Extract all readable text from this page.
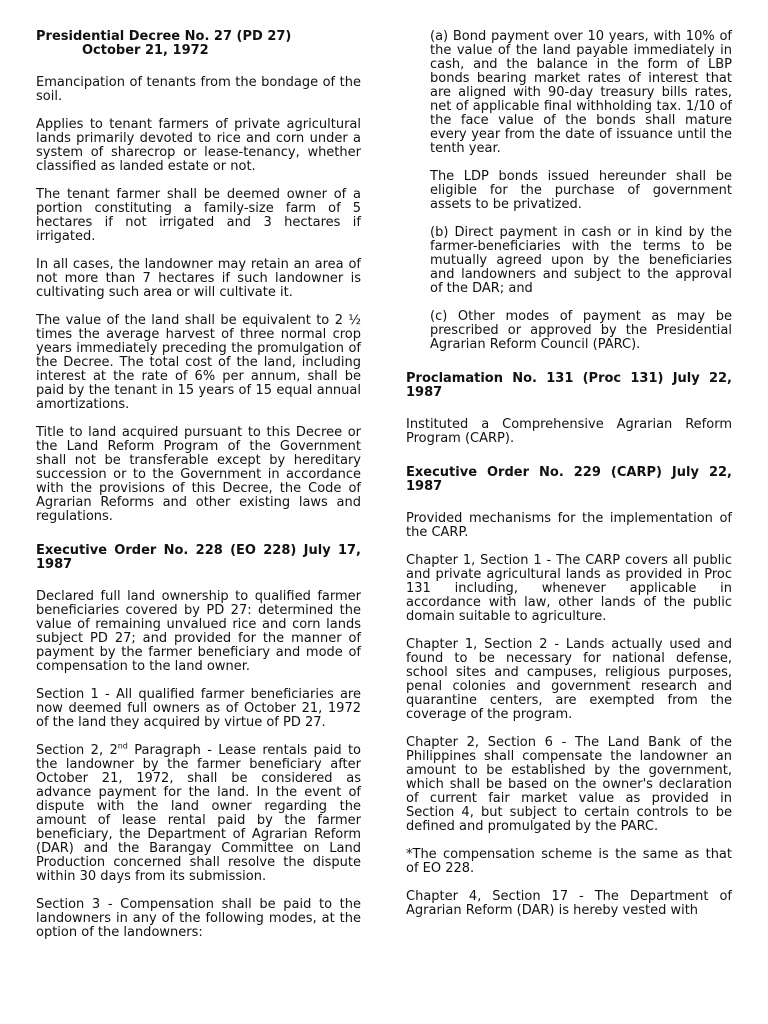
Presidential Decree No. 27 (PD 27)
October 21, 1972

Emancipation of tenants from the bondage of the soil.

Applies to tenant farmers of private agricultural lands primarily devoted to rice and corn under a system of sharecrop or lease-tenancy, whether classified as landed estate or not.

The tenant farmer shall be deemed owner of a portion constituting a family-size farm of 5 hectares if not irrigated and 3 hectares if irrigated.

In all cases, the landowner may retain an area of not more than 7 hectares if such landowner is cultivating such area or will cultivate it.

The value of the land shall be equivalent to 2 ½ times the average harvest of three normal crop years immediately preceding the promulgation of the Decree. The total cost of the land, including interest at the rate of 6% per annum, shall be paid by the tenant in 15 years of 15 equal annual amortizations.

Title to land acquired pursuant to this Decree or the Land Reform Program of the Government shall not be transferable except by hereditary succession or to the Government in accordance with the provisions of this Decree, the Code of Agrarian Reforms and other existing laws and regulations.

Executive Order No. 228 (EO 228) July 17, 1987

Declared full land ownership to qualified farmer beneficiaries covered by PD 27: determined the value of remaining unvalued rice and corn lands subject PD 27; and provided for the manner of payment by the farmer beneficiary and mode of compensation to the land owner.

Section 1 - All qualified farmer beneficiaries are now deemed full owners as of October 21, 1972 of the land they acquired by virtue of PD 27.

Section 2, 2nd Paragraph - Lease rentals paid to the landowner by the farmer beneficiary after October 21, 1972, shall be considered as advance payment for the land. In the event of dispute with the land owner regarding the amount of lease rental paid by the farmer beneficiary, the Department of Agrarian Reform (DAR) and the Barangay Committee on Land Production concerned shall resolve the dispute within 30 days from its submission.

Section 3 - Compensation shall be paid to the landowners in any of the following modes, at the option of the landowners:

(a) Bond payment over 10 years, with 10% of the value of the land payable immediately in cash, and the balance in the form of LBP bonds bearing market rates of interest that are aligned with 90-day treasury bills rates, net of applicable final withholding tax. 1/10 of the face value of the bonds shall mature every year from the date of issuance until the tenth year.

The LDP bonds issued hereunder shall be eligible for the purchase of government assets to be privatized.

(b) Direct payment in cash or in kind by the farmer-beneficiaries with the terms to be mutually agreed upon by the beneficiaries and landowners and subject to the approval of the DAR; and

(c) Other modes of payment as may be prescribed or approved by the Presidential Agrarian Reform Council (PARC).

Proclamation No. 131 (Proc 131) July 22, 1987

Instituted a Comprehensive Agrarian Reform Program (CARP).

Executive Order No. 229 (CARP) July 22, 1987

Provided mechanisms for the implementation of the CARP.

Chapter 1, Section 1 - The CARP covers all public and private agricultural lands as provided in Proc 131 including, whenever applicable in accordance with law, other lands of the public domain suitable to agriculture.

Chapter 1, Section 2 - Lands actually used and found to be necessary for national defense, school sites and campuses, religious purposes, penal colonies and government research and quarantine centers, are exempted from the coverage of the program.

Chapter 2, Section 6 - The Land Bank of the Philippines shall compensate the landowner an amount to be established by the government, which shall be based on the owner's declaration of current fair market value as provided in Section 4, but subject to certain controls to be defined and promulgated by the PARC.

*The compensation scheme is the same as that of EO 228.

Chapter 4, Section 17 - The Department of Agrarian Reform (DAR) is hereby vested with
